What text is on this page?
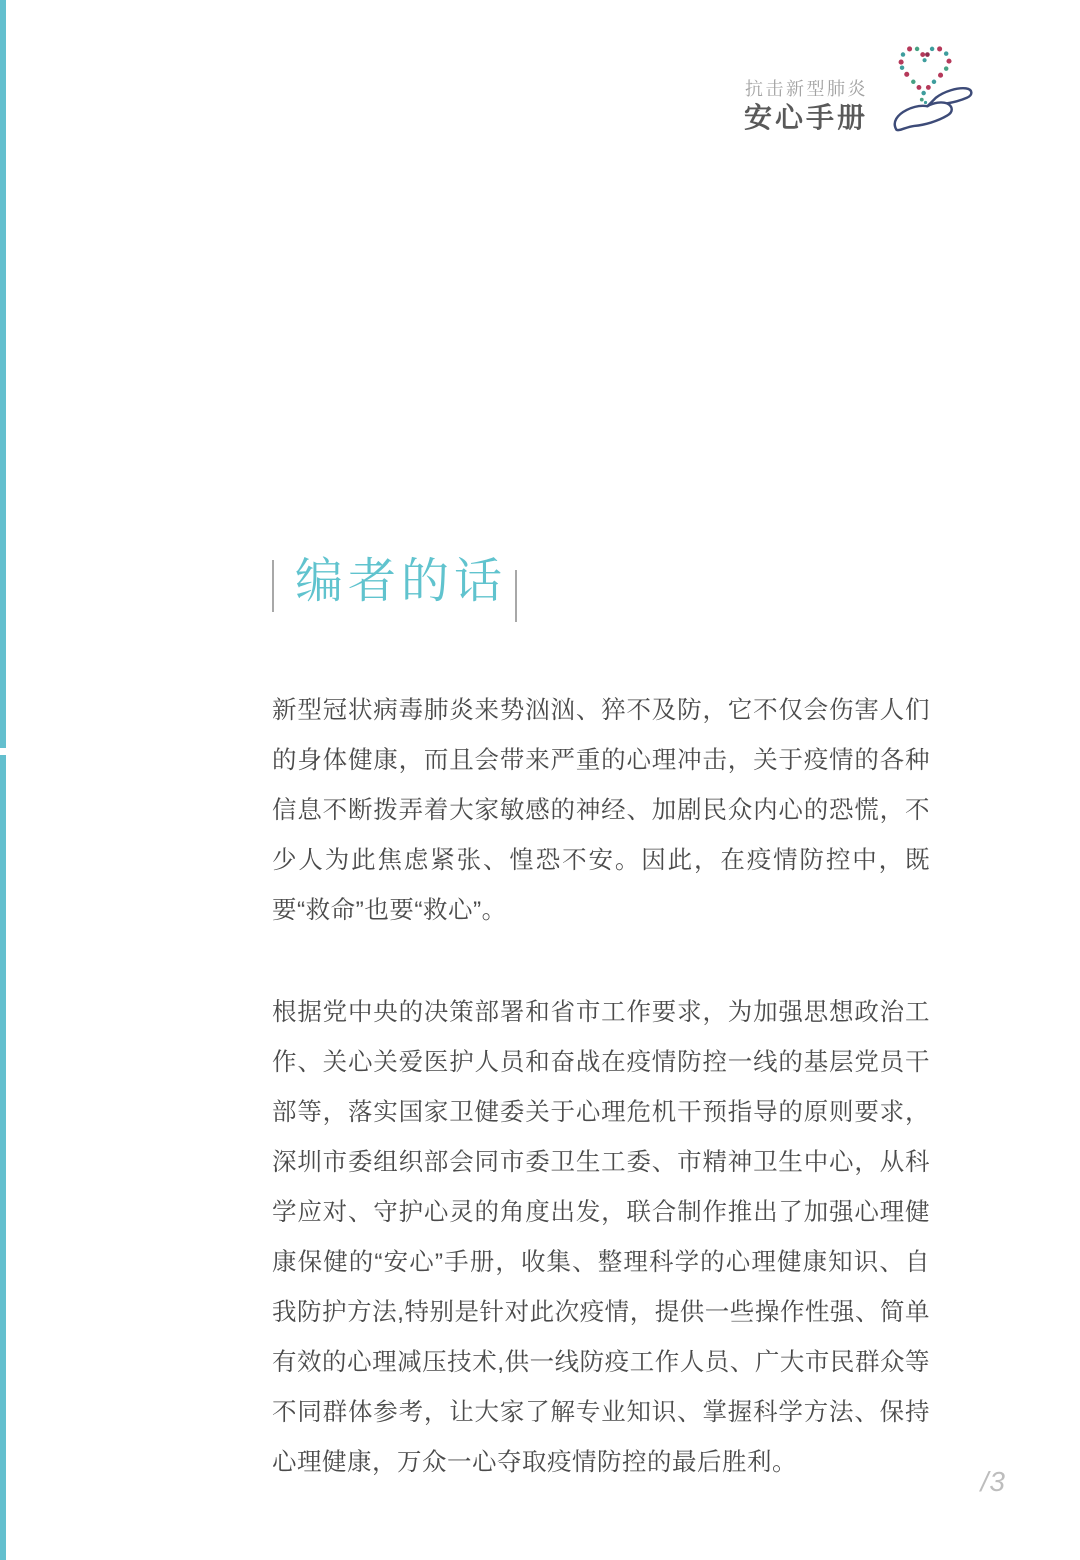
抗击新型肺炎
安心手册
编者的话

新型冠状病毒肺炎来势汹汹、猝不及防，它不仅会伤害人们的身体健康，而且会带来严重的心理冲击，关于疫情的各种信息不断拨弄着大家敏感的神经、加剧民众内心的恐慌，不少人为此焦虑紧张、惶恐不安。因此，在疫情防控中，既要“救命”也要“救心”。

根据党中央的决策部署和省市工作要求，为加强思想政治工作、关心关爱医护人员和奋战在疫情防控一线的基层党员干部等，落实国家卫健委关于心理危机干预指导的原则要求，深圳市委组织部会同市委卫生工委、市精神卫生中心，从科学应对、守护心灵的角度出发，联合制作推出了加强心理健康保健的“安心”手册，收集、整理科学的心理健康知识、自我防护方法,特别是针对此次疫情，提供一些操作性强、简单有效的心理减压技术,供一线防疫工作人员、广大市民群众等不同群体参考，让大家了解专业知识、掌握科学方法、保持心理健康，万众一心夺取疫情防控的最后胜利。

/3
